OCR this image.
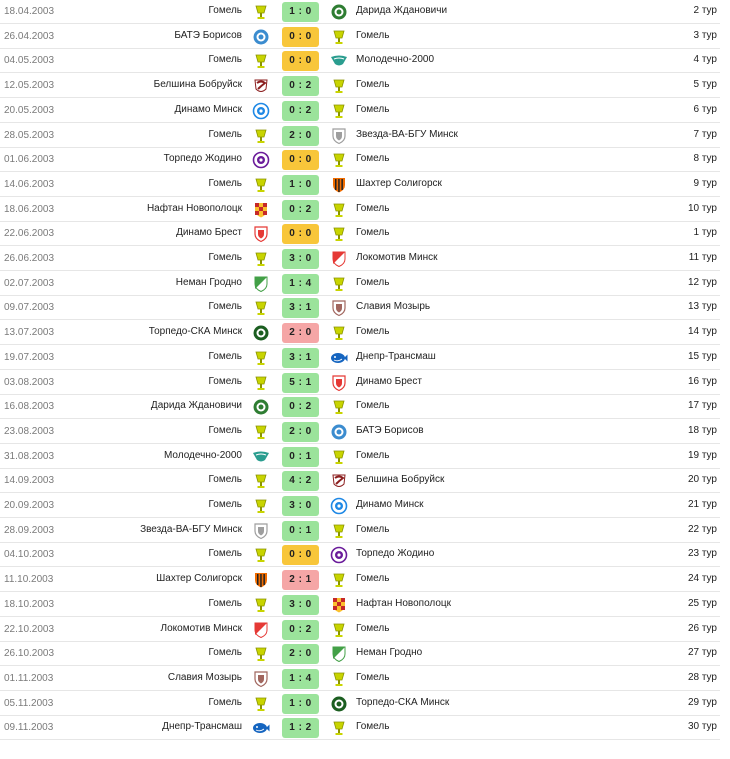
18.04.2003	Гомель	1 : 0	Дарида Ждановичи	2 тур
26.04.2003	БАТЭ Борисов	0 : 0	Гомель	3 тур
04.05.2003	Гомель	0 : 0	Молодечно-2000	4 тур
12.05.2003	Белшина Бобруйск	0 : 2	Гомель	5 тур
20.05.2003	Динамо Минск	0 : 2	Гомель	6 тур
28.05.2003	Гомель	2 : 0	Звезда-ВА-БГУ Минск	7 тур
01.06.2003	Торпедо Жодино	0 : 0	Гомель	8 тур
14.06.2003	Гомель	1 : 0	Шахтер Солигорск	9 тур
18.06.2003	Нафтан Новополоцк	0 : 2	Гомель	10 тур
22.06.2003	Динамо Брест	0 : 0	Гомель	1 тур
26.06.2003	Гомель	3 : 0	Локомотив Минск	11 тур
02.07.2003	Неман Гродно	1 : 4	Гомель	12 тур
09.07.2003	Гомель	3 : 1	Славия Мозырь	13 тур
13.07.2003	Торпедо-СКА Минск	2 : 0	Гомель	14 тур
19.07.2003	Гомель	3 : 1	Днепр-Трансмаш	15 тур
03.08.2003	Гомель	5 : 1	Динамо Брест	16 тур
16.08.2003	Дарида Ждановичи	0 : 2	Гомель	17 тур
23.08.2003	Гомель	2 : 0	БАТЭ Борисов	18 тур
31.08.2003	Молодечно-2000	0 : 1	Гомель	19 тур
14.09.2003	Гомель	4 : 2	Белшина Бобруйск	20 тур
20.09.2003	Гомель	3 : 0	Динамо Минск	21 тур
28.09.2003	Звезда-ВА-БГУ Минск	0 : 1	Гомель	22 тур
04.10.2003	Гомель	0 : 0	Торпедо Жодино	23 тур
11.10.2003	Шахтер Солигорск	2 : 1	Гомель	24 тур
18.10.2003	Гомель	3 : 0	Нафтан Новополоцк	25 тур
22.10.2003	Локомотив Минск	0 : 2	Гомель	26 тур
26.10.2003	Гомель	2 : 0	Неман Гродно	27 тур
01.11.2003	Славия Мозырь	1 : 4	Гомель	28 тур
05.11.2003	Гомель	1 : 0	Торпедо-СКА Минск	29 тур
09.11.2003	Днепр-Трансмаш	1 : 2	Гомель	30 тур
